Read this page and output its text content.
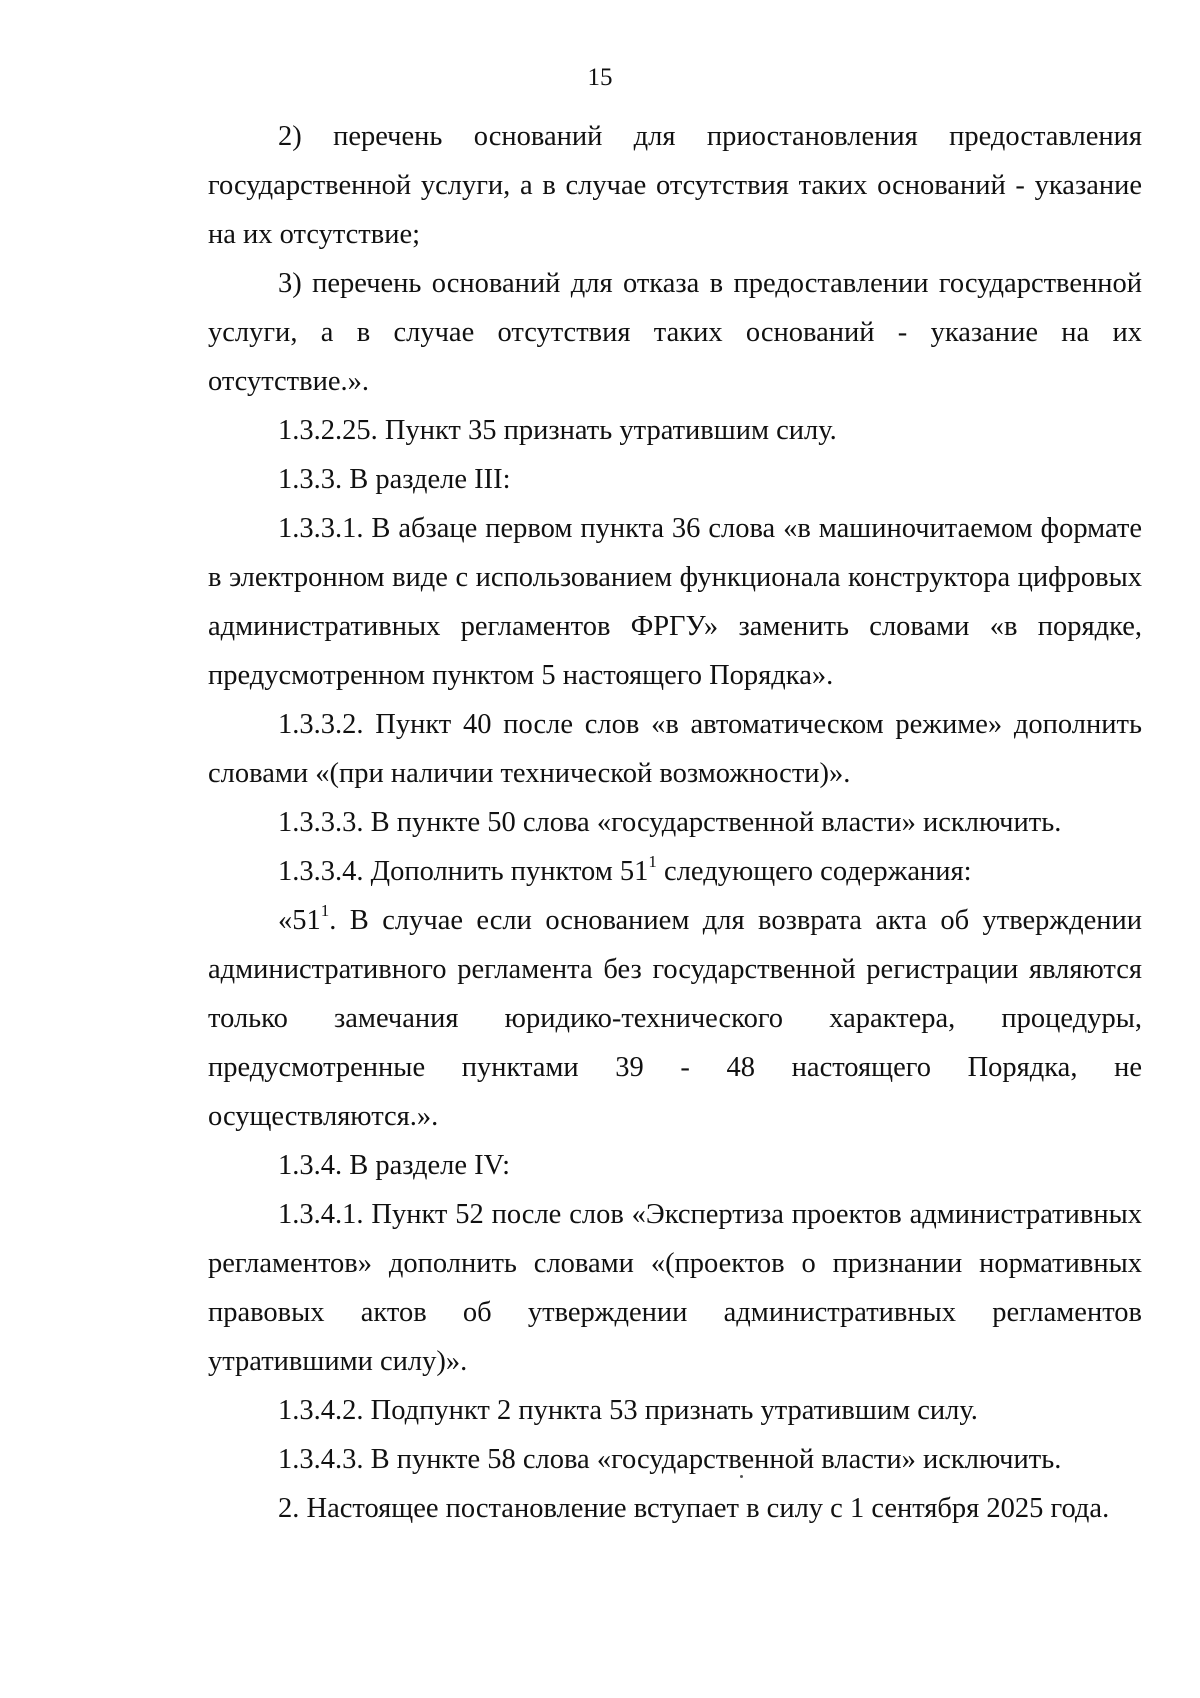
15

2) перечень оснований для приостановления предоставления государственной услуги, а в случае отсутствия таких оснований - указание на их отсутствие;

3) перечень оснований для отказа в предоставлении государственной услуги, а в случае отсутствия таких оснований - указание на их отсутствие.».

1.3.2.25. Пункт 35 признать утратившим силу.

1.3.3. В разделе III:

1.3.3.1. В абзаце первом пункта 36 слова «в машиночитаемом формате в электронном виде с использованием функционала конструктора цифровых административных регламентов ФРГУ» заменить словами «в порядке, предусмотренном пунктом 5 настоящего Порядка».

1.3.3.2. Пункт 40 после слов «в автоматическом режиме» дополнить словами «(при наличии технической возможности)».

1.3.3.3. В пункте 50 слова «государственной власти» исключить.

1.3.3.4. Дополнить пунктом $51^1$ следующего содержания:

«$51^1$. В случае если основанием для возврата акта об утверждении административного регламента без государственной регистрации являются только замечания юридико-технического характера, процедуры, предусмотренные пунктами 39 - 48 настоящего Порядка, не осуществляются.».

1.3.4. В разделе IV:

1.3.4.1. Пункт 52 после слов «Экспертиза проектов административных регламентов» дополнить словами «(проектов о признании нормативных правовых актов об утверждении административных регламентов утратившими силу)».

1.3.4.2. Подпункт 2 пункта 53 признать утратившим силу.

1.3.4.3. В пункте 58 слова «государственной власти» исключить.

2. Настоящее постановление вступает в силу с 1 сентября 2025 года.
